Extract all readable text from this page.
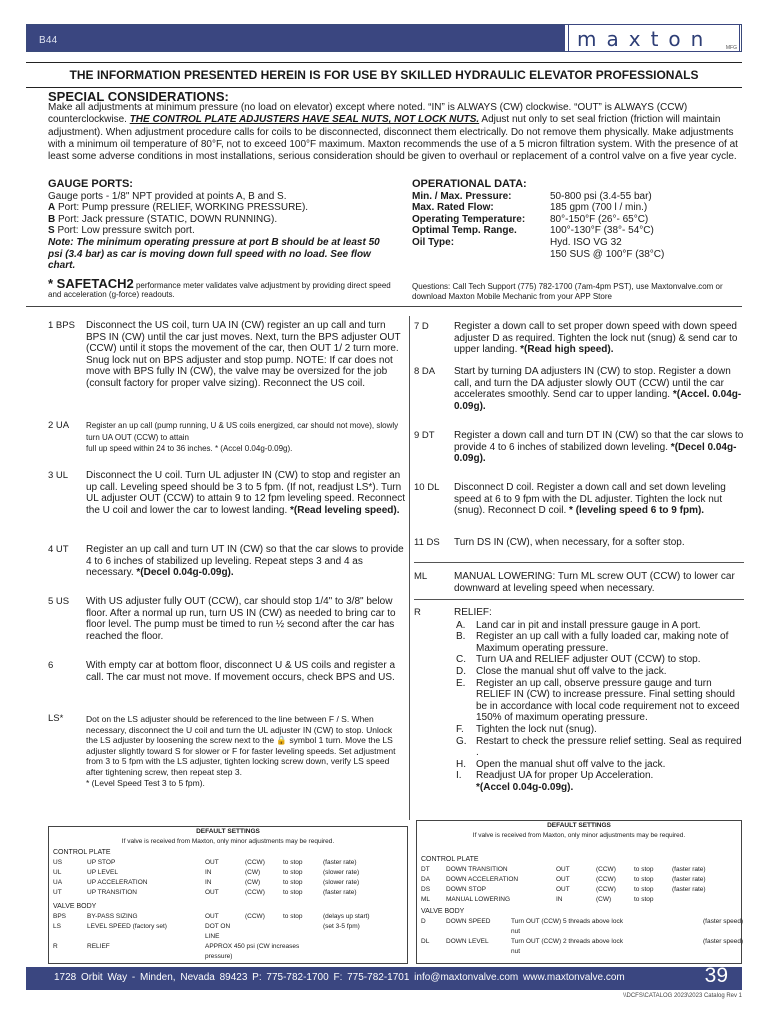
B44	maxton	MFG
THE INFORMATION PRESENTED HEREIN IS FOR USE BY SKILLED HYDRAULIC ELEVATOR PROFESSIONALS
SPECIAL CONSIDERATIONS:
Make all adjustments at minimum pressure (no load on elevator) except where noted. “IN” is ALWAYS (CW) clockwise. “OUT” is ALWAYS (CCW) counterclockwise. THE CONTROL PLATE ADJUSTERS HAVE SEAL NUTS, NOT LOCK NUTS. Adjust nut only to set seal friction (friction will maintain adjustment). When adjustment procedure calls for coils to be disconnected, disconnect them electrically. Do not remove them physically. Make adjustments with a minimum oil temperature of 80°F, not to exceed 100°F maximum. Maxton recommends the use of a 5 micron filtration system. With the presence of at least some adverse conditions in most installations, serious consideration should be given to overhaul or replacement of a control valve on a five year cycle.
GAUGE PORTS:
Gauge ports - 1/8" NPT provided at points A, B and S.
A Port: Pump pressure (RELIEF, WORKING PRESSURE).
B Port: Jack pressure (STATIC, DOWN RUNNING).
S Port: Low pressure switch port.
Note: The minimum operating pressure at port B should be at least 50 psi (3.4 bar) as car is moving down full speed with no load. See flow chart.
OPERATIONAL DATA:
Min. / Max. Pressure:	50-800 psi (3.4-55 bar)
Max. Rated Flow:	185 gpm (700 l / min.)
Operating Temperature:	80°-150°F (26°- 65°C)
Optimal Temp. Range.	100°-130°F (38°- 54°C)
Oil Type:	Hyd. ISO VG 32
150 SUS @ 100°F (38°C)
* SAFETACH2 performance meter validates valve adjustment by providing direct speed and acceleration (g-force) readouts.
Questions: Call Tech Support (775) 782-1700 (7am-4pm PST), use Maxtonvalve.com or download Maxton Mobile Mechanic from your APP Store
1 BPS	Disconnect the US coil, turn UA IN (CW) register an up call and turn BPS IN (CW) until the car just moves. Next, turn the BPS adjuster OUT (CCW) until it stops the movement of the car, then OUT 1/ 2 turn more. Snug lock nut on BPS adjuster and stop pump. NOTE: If car does not move with BPS fully IN (CW), the valve may be oversized for the job (consult factory for proper valve sizing). Reconnect the US coil.
2 UA	Register an up call (pump running, U & US coils energized, car should not move), slowly turn UA OUT (CCW) to attain
full up speed within 24 to 36 inches. * (Accel 0.04g-0.09g).
3 UL	Disconnect the U coil. Turn UL adjuster IN (CW) to stop and register an up call. Leveling speed should be 3 to 5 fpm. (If not, readjust LS*). Turn UL adjuster OUT (CCW) to attain 9 to 12 fpm leveling speed. Reconnect the U coil and lower the car to lowest landing. *(Read leveling speed).
4 UT	Register an up call and turn UT IN (CW) so that the car slows to provide 4 to 6 inches of stabilized up leveling. Repeat steps 3 and 4 as necessary. *(Decel 0.04g-0.09g).
5 US	With US adjuster fully OUT (CCW), car should stop 1/4" to 3/8" below floor. After a normal up run, turn US IN (CW) as needed to bring car to floor level. The pump must be timed to run ½ second after the car has reached the floor.
6	With empty car at bottom floor, disconnect U & US coils and register a call. The car must not move. If movement occurs, check BPS and US.
LS*	Dot on the LS adjuster should be referenced to the line between F / S. When necessary, disconnect the U coil and turn the UL adjuster IN (CW) to stop. Unlock the LS adjuster by loosening the screw next to the 🔒 symbol 1 turn. Move the LS adjuster slightly toward S for slower or F for faster leveling speeds. Set adjustment from 3 to 5 fpm with the LS adjuster, tighten locking screw down, verify LS speed after tightening screw, then repeat step 3.
* (Level Speed Test 3 to 5 fpm).
7 D	Register a down call to set proper down speed with down speed adjuster D as required. Tighten the lock nut (snug) & send car to upper landing. *(Read high speed).
8 DA	Start by turning DA adjusters IN (CW) to stop. Register a down call, and turn the DA adjuster slowly OUT (CCW) until the car accelerates smoothly. Send car to upper landing. *(Accel. 0.04g-0.09g).
9 DT	Register a down call and turn DT IN (CW) so that the car slows to provide 4 to 6 inches of stabilized down leveling. *(Decel 0.04g-0.09g).
10 DL	Disconnect D coil. Register a down call and set down leveling speed at 6 to 9 fpm with the DL adjuster. Tighten the lock nut (snug). Reconnect D coil. * (leveling speed 6 to 9 fpm).
11 DS	Turn DS IN (CW), when necessary, for a softer stop.
ML	MANUAL LOWERING: Turn ML screw OUT (CCW) to lower car downward at leveling speed when necessary.
R	RELIEF:
A.	Land car in pit and install pressure gauge in A port.
B.	Register an up call with a fully loaded car, making note of Maximum operating pressure.
C.	Turn UA and RELIEF adjuster OUT (CCW) to stop.
D.	Close the manual shut off valve to the jack.
E.	Register an up call, observe pressure gauge and turn RELIEF IN (CW) to increase pressure. Final setting should be in accordance with local code requirement not to exceed 150% of maximum operating pressure.
F.	Tighten the lock nut (snug).
G. Restart to check the pressure relief setting. Seal as required .
H.	Open the manual shut off valve to the jack.
I.	Readjust UA for proper Up Acceleration.
*(Accel 0.04g-0.09g).
DEFAULT SETTINGS
If valve is received from Maxton, only minor adjustments may be required.
CONTROL PLATE
US	UP STOP	OUT	(CCW)	to stop	(faster rate)
UL	UP LEVEL	IN	(CW)	to stop	(slower rate)
UA	UP ACCELERATION	IN	(CW)	to stop	(slower rate)
UT	UP TRANSITION	OUT	(CCW)	to stop	(faster rate)
VALVE BODY
BPS	BY-PASS SIZING	OUT	(CCW)	to stop	(delays up start)
LS	LEVEL SPEED (factory set)	DOT ON LINE
(set 3-5 fpm)
R	RELIEF	APPROX 450 psi (CW increases pressure)
DEFAULT SETTINGS
If valve is received from Maxton, only minor adjustments may be required.
CONTROL PLATE
DT	DOWN TRANSITION	OUT	(CCW)	to stop	(faster rate)
DA	DOWN ACCELERATION	OUT	(CCW)	to stop	(faster rate)
DS	DOWN STOP	OUT	(CCW)	to stop	(faster rate)
ML	MANUAL LOWERING	IN	(CW)	to stop
VALVE BODY
D	DOWN SPEED	Turn OUT (CCW) 5 threads above lock nut
(faster speed)
DL	DOWN LEVEL	Turn OUT (CCW) 2 threads above lock nut
(faster speed)
1728 Orbit Way - Minden, Nevada 89423 P: 775-782-1700 F: 775-782-1701 info@maxtonvalve.com www.maxtonvalve.com	39
\\DCFS\CATALOG 2023\2023 Catalog Rev 1
